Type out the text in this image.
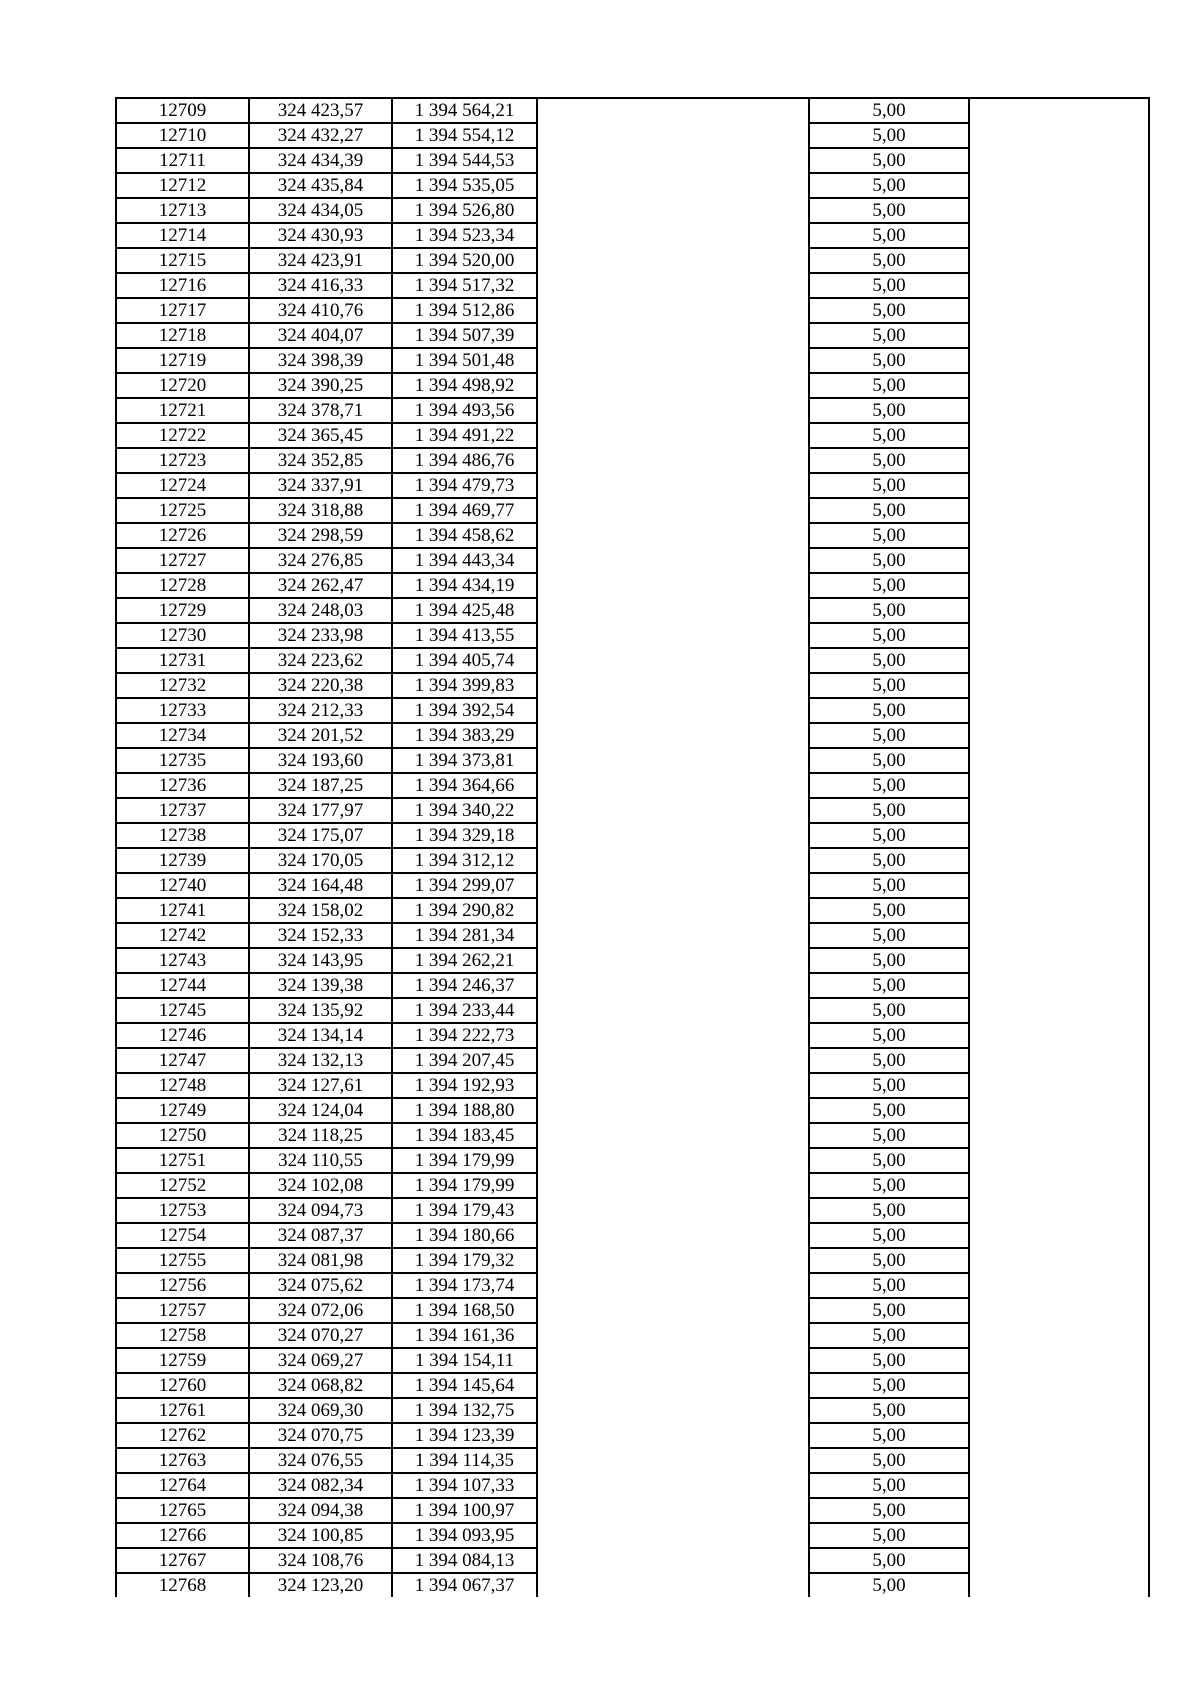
12709	324 423,57	1 394 564,21		5,00	
12710	324 432,27	1 394 554,12		5,00	
12711	324 434,39	1 394 544,53		5,00	
12712	324 435,84	1 394 535,05		5,00	
12713	324 434,05	1 394 526,80		5,00	
12714	324 430,93	1 394 523,34		5,00	
12715	324 423,91	1 394 520,00		5,00	
12716	324 416,33	1 394 517,32		5,00	
12717	324 410,76	1 394 512,86		5,00	
12718	324 404,07	1 394 507,39		5,00	
12719	324 398,39	1 394 501,48		5,00	
12720	324 390,25	1 394 498,92		5,00	
12721	324 378,71	1 394 493,56		5,00	
12722	324 365,45	1 394 491,22		5,00	
12723	324 352,85	1 394 486,76		5,00	
12724	324 337,91	1 394 479,73		5,00	
12725	324 318,88	1 394 469,77		5,00	
12726	324 298,59	1 394 458,62		5,00	
12727	324 276,85	1 394 443,34		5,00	
12728	324 262,47	1 394 434,19		5,00	
12729	324 248,03	1 394 425,48		5,00	
12730	324 233,98	1 394 413,55		5,00	
12731	324 223,62	1 394 405,74		5,00	
12732	324 220,38	1 394 399,83		5,00	
12733	324 212,33	1 394 392,54		5,00	
12734	324 201,52	1 394 383,29		5,00	
12735	324 193,60	1 394 373,81		5,00	
12736	324 187,25	1 394 364,66		5,00	
12737	324 177,97	1 394 340,22		5,00	
12738	324 175,07	1 394 329,18		5,00	
12739	324 170,05	1 394 312,12		5,00	
12740	324 164,48	1 394 299,07		5,00	
12741	324 158,02	1 394 290,82		5,00	
12742	324 152,33	1 394 281,34		5,00	
12743	324 143,95	1 394 262,21		5,00	
12744	324 139,38	1 394 246,37		5,00	
12745	324 135,92	1 394 233,44		5,00	
12746	324 134,14	1 394 222,73		5,00	
12747	324 132,13	1 394 207,45		5,00	
12748	324 127,61	1 394 192,93		5,00	
12749	324 124,04	1 394 188,80		5,00	
12750	324 118,25	1 394 183,45		5,00	
12751	324 110,55	1 394 179,99		5,00	
12752	324 102,08	1 394 179,99		5,00	
12753	324 094,73	1 394 179,43		5,00	
12754	324 087,37	1 394 180,66		5,00	
12755	324 081,98	1 394 179,32		5,00	
12756	324 075,62	1 394 173,74		5,00	
12757	324 072,06	1 394 168,50		5,00	
12758	324 070,27	1 394 161,36		5,00	
12759	324 069,27	1 394 154,11		5,00	
12760	324 068,82	1 394 145,64		5,00	
12761	324 069,30	1 394 132,75		5,00	
12762	324 070,75	1 394 123,39		5,00	
12763	324 076,55	1 394 114,35		5,00	
12764	324 082,34	1 394 107,33		5,00	
12765	324 094,38	1 394 100,97		5,00	
12766	324 100,85	1 394 093,95		5,00	
12767	324 108,76	1 394 084,13		5,00	
12768	324 123,20	1 394 067,37		5,00	
